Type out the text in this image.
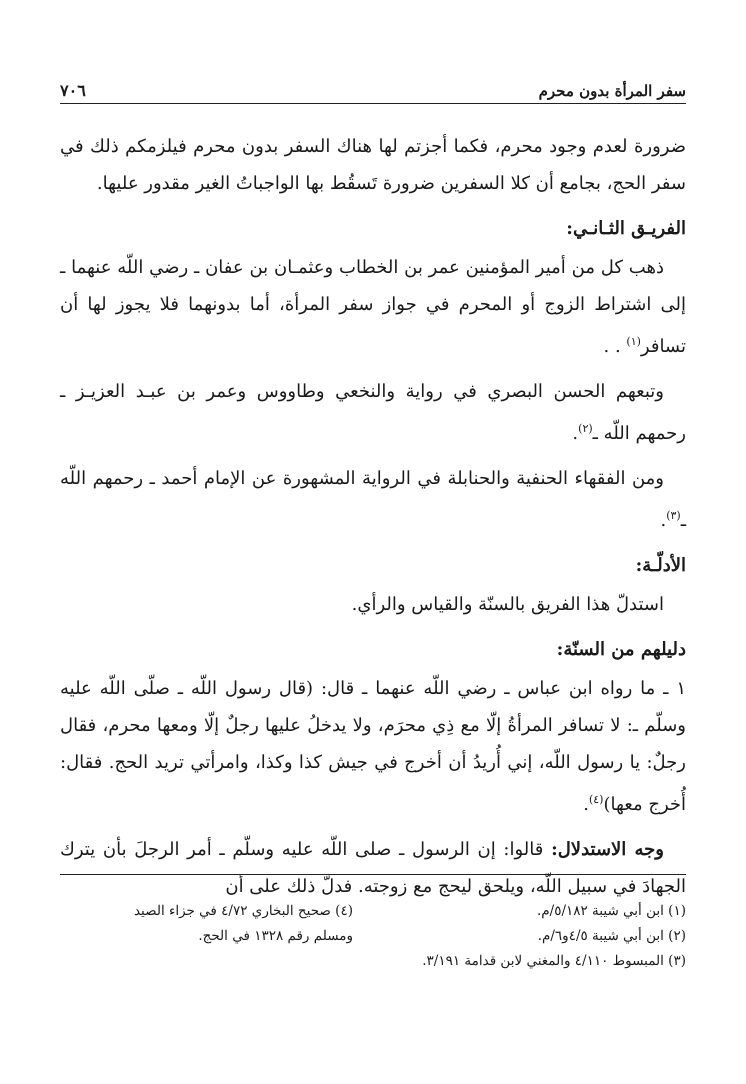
سفر المرأة بدون محرم
٧٠٦

ضرورة لعدم وجود محرم، فكما أجزتم لها هناك السفر بدون محرم فيلزمكم ذلك في سفر الحج، بجامع أن كلا السفرين ضرورة تَسقُط بها الواجباتُ الغير مقدور عليها.

الفريـق الثـانـي:

ذهب كل من أمير المؤمنين عمر بن الخطاب وعثمـان بن عفان ـ رضي اللّه عنهما ـ إلى اشتراط الزوج أو المحرم في جواز سفر المرأة، أما بدونهما فلا يجوز لها أن تسافر$^{(١)}$ . .

وتبعهم الحسن البصري في رواية والنخعي وطاووس وعمر بن عبـد العزيـز ـ رحمهم اللّه ـ$^{(٢)}$.

ومن الفقهاء الحنفية والحنابلة في الرواية المشهورة عن الإمام أحمد ـ رحمهم اللّه ـ$^{(٣)}$.

الأدلّـة:

استدلّ هذا الفريق بالسنّة والقياس والرأي.

دليلهم من السنّة:

١ ـ ما رواه ابن عباس ـ رضي اللّه عنهما ـ قال: (قال رسول اللّه ـ صلّى اللّه عليه وسلّم ـ: لا تسافر المرأةُ إلّا مع ذِي محرَم، ولا يدخلُ عليها رجلٌ إلّا ومعها محرم، فقال رجلٌ: يا رسول اللّه، إني أُريدُ أن أخرج في جيش كذا وكذا، وامرأتي تريد الحج. فقال: أُخرج معها)$^{(٤)}$.

وجه الاستدلال: قالوا: إن الرسول ـ صلى اللّه عليه وسلّم ـ أمر الرجلَ بأن يترك الجهادَ في سبيل اللّه، ويلحق ليحج مع زوجته. فدلّ ذلك على أن

(١) ابن أبي شيبة ٥/١٨٢/م.

(٢) ابن أبي شيبة ٤/٥و٦/م.

(٣) المبسوط ٤/١١٠ والمغني لابن قدامة ٣/١٩١.

(٤) صحيح البخاري ٤/٧٢ في جزاء الصيد

ومسلم رقم ١٣٢٨ في الحج.
